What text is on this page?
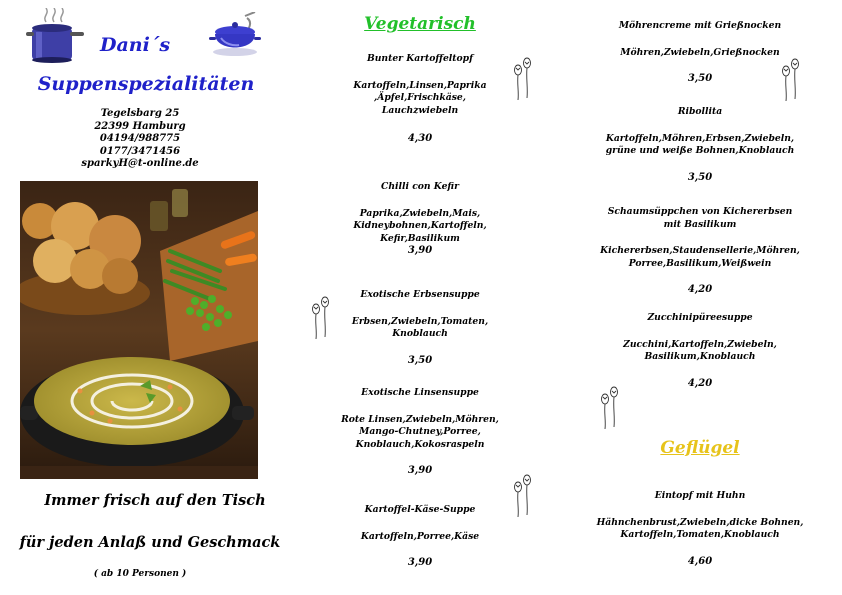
Dani´s
Suppenspezialitäten
Tegelsbarg 25
22399 Hamburg
04194/988775
0177/3471456
sparkyH@t-online.de
Immer frisch auf den Tisch
für jeden Anlaß und Geschmack
( ab 10 Personen )
Vegetarisch
Bunter Kartoffeltopf
Kartoffeln,Linsen,Paprika
,Äpfel,Frischkäse,
Lauchzwiebeln
4,30
Chilli con Kefir
Paprika,Zwiebeln,Mais,
Kidneybohnen,Kartoffeln,
Kefir,Basilikum
3,90
Exotische Erbsensuppe
Erbsen,Zwiebeln,Tomaten,
Knoblauch
3,50
Exotische Linsensuppe
Rote Linsen,Zwiebeln,Möhren,
Mango-Chutney,Porree,
Knoblauch,Kokosraspeln
3,90
Kartoffel-Käse-Suppe
Kartoffeln,Porree,Käse
3,90
Möhrencreme mit Grießnocken
Möhren,Zwiebeln,Grießnocken
3,50
Ribollita
Kartoffeln,Möhren,Erbsen,Zwiebeln,
grüne und weiße Bohnen,Knoblauch
3,50
Schaumsüppchen von Kichererbsen
mit Basilikum
Kichererbsen,Staudensellerie,Möhren,
Porree,Basilikum,Weißwein
4,20
Zucchinipüreesuppe
Zucchini,Kartoffeln,Zwiebeln,
Basilikum,Knoblauch
4,20
Geflügel
Eintopf mit Huhn
Hähnchenbrust,Zwiebeln,dicke Bohnen,
Kartoffeln,Tomaten,Knoblauch
4,60
